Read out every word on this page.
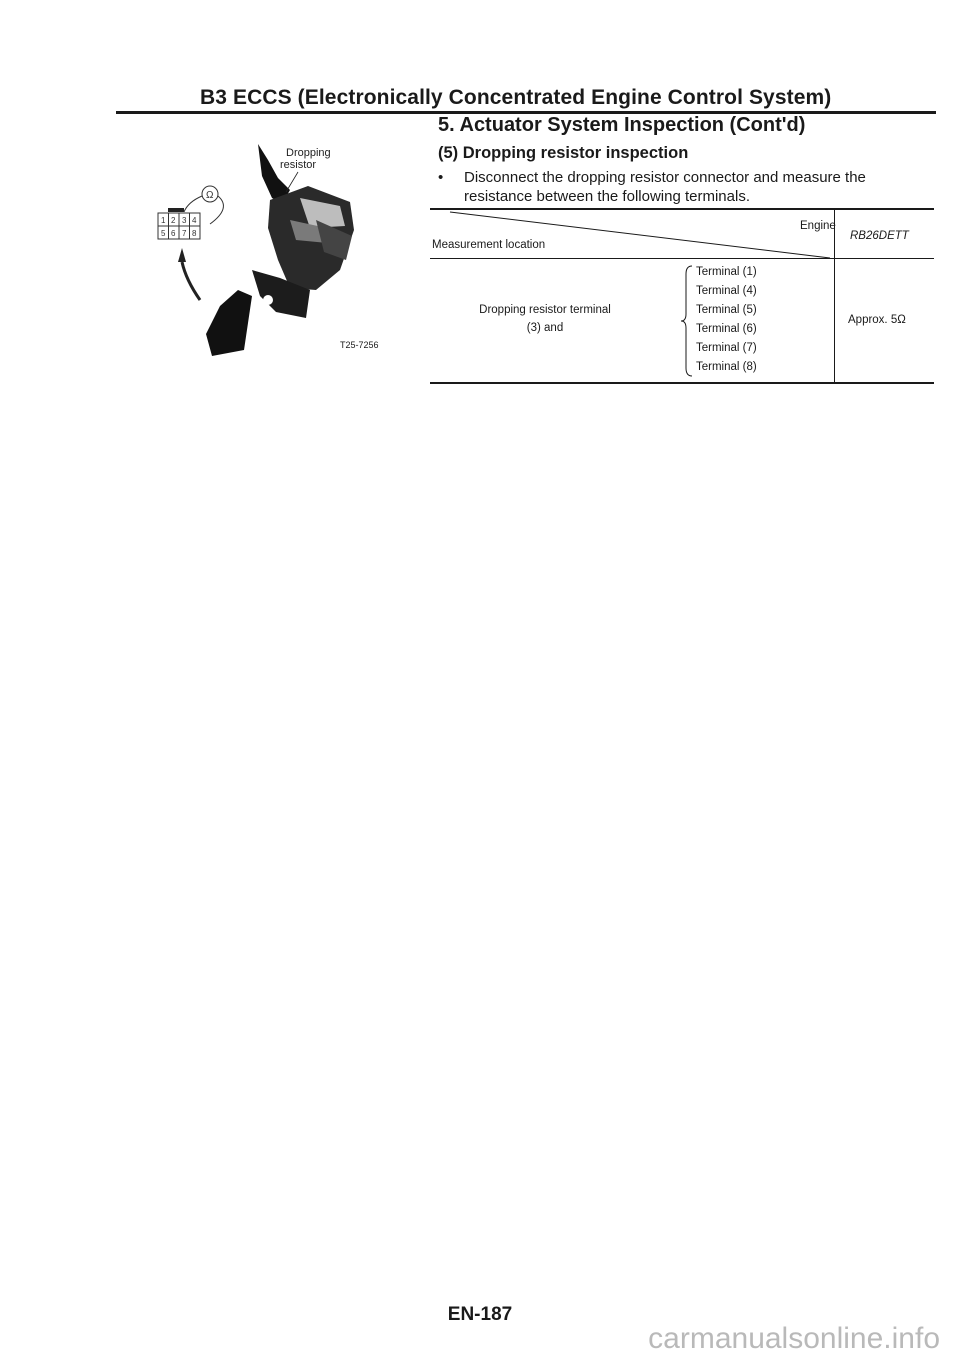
B3 ECCS (Electronically Concentrated Engine Control System)
5. Actuator System Inspection (Cont'd)
(5) Dropping resistor inspection
• Disconnect the dropping resistor connector and measure the resistance between the following terminals.
1 2 3 4
5 6 7 8
Ω
Dropping resistor
T25-7256
Engine
Measurement location
RB26DETT
Dropping resistor terminal
(3) and
Terminal (1)
Terminal (4)
Terminal (5)
Terminal (6)
Terminal (7)
Terminal (8)
Approx. 5Ω
EN-187
carmanualsonline.info
